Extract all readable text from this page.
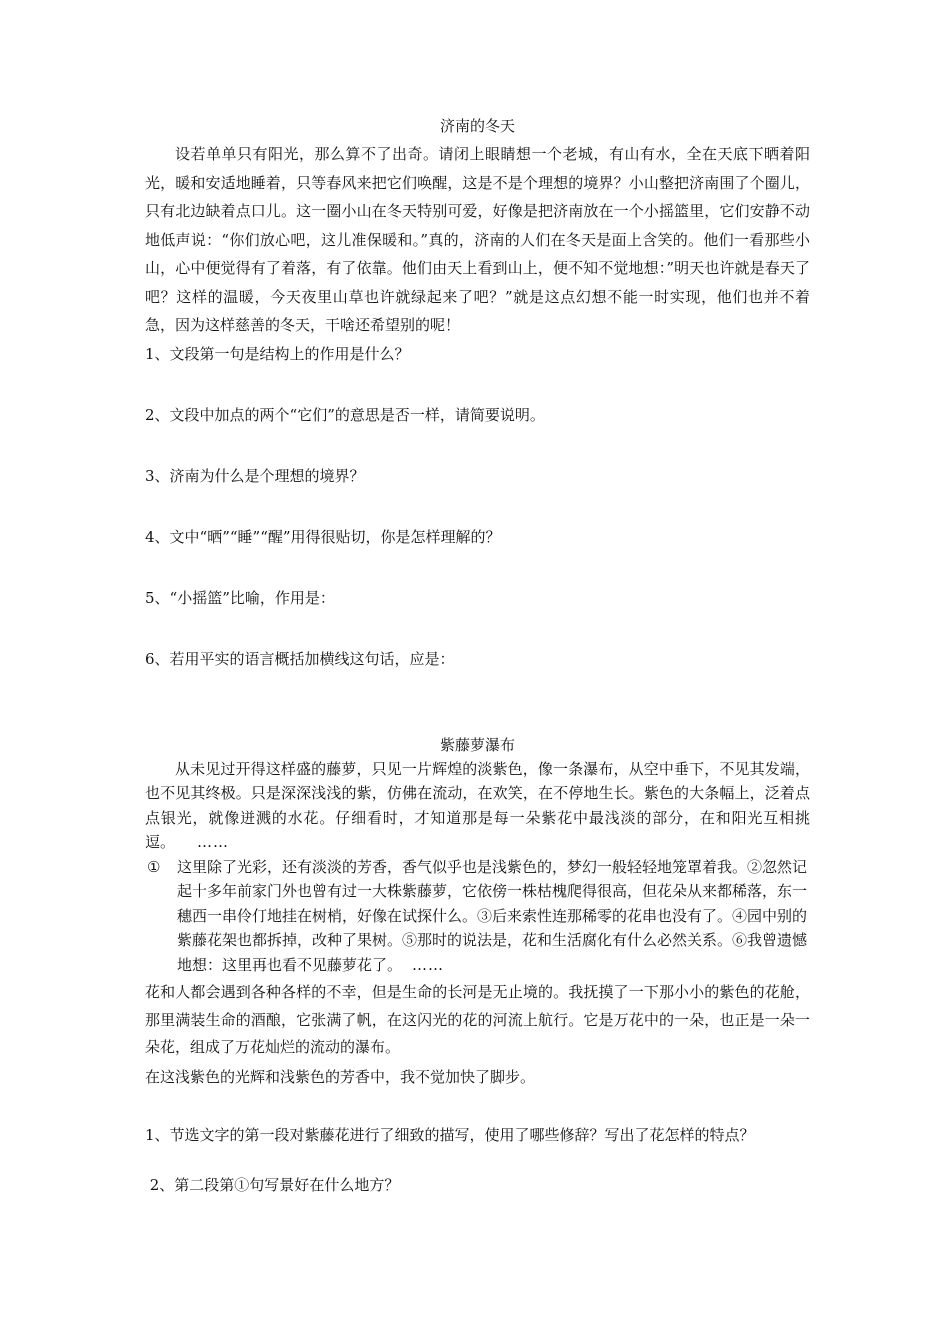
济南的冬天

设若单单只有阳光，那么算不了出奇。请闭上眼睛想一个老城，有山有水，全在天底下晒着阳光，暖和安适地睡着，只等春风来把它们唤醒，这是不是个理想的境界？小山整把济南围了个圈儿，只有北边缺着点口儿。这一圈小山在冬天特别可爱，好像是把济南放在一个小摇篮里，它们安静不动地低声说：“你们放心吧，这儿准保暖和。”真的，济南的人们在冬天是面上含笑的。他们一看那些小山，心中便觉得有了着落，有了依靠。他们由天上看到山上，便不知不觉地想：”明天也许就是春天了吧？这样的温暖，今天夜里山草也许就绿起来了吧？”就是这点幻想不能一时实现，他们也并不着急，因为这样慈善的冬天，干啥还希望别的呢！

1、文段第一句是结构上的作用是什么？

2、文段中加点的两个“它们”的意思是否一样，请简要说明。

3、济南为什么是个理想的境界？

4、文中“晒”“睡”“醒”用得很贴切，你是怎样理解的？

5、“小摇篮”比喻，作用是：

6、若用平实的语言概括加横线这句话，应是：

紫藤萝瀑布

从未见过开得这样盛的藤萝，只见一片辉煌的淡紫色，像一条瀑布，从空中垂下，不见其发端，也不见其终极。只是深深浅浅的紫，仿佛在流动，在欢笑，在不停地生长。紫色的大条幅上，泛着点点银光，就像迸溅的水花。仔细看时，才知道那是每一朵紫花中最浅淡的部分，在和阳光互相挑逗。 ……

① 这里除了光彩，还有淡淡的芳香，香气似乎也是浅紫色的，梦幻一般轻轻地笼罩着我。②忽然记起十多年前家门外也曾有过一大株紫藤萝，它依傍一株枯槐爬得很高，但花朵从来都稀落，东一穗西一串伶仃地挂在树梢，好像在试探什么。③后来索性连那稀零的花串也没有了。④园中别的紫藤花架也都拆掉，改种了果树。⑤那时的说法是，花和生活腐化有什么必然关系。⑥我曾遗憾地想：这里再也看不见藤萝花了。 ……

花和人都会遇到各种各样的不幸，但是生命的长河是无止境的。我抚摸了一下那小小的紫色的花舱，那里满装生命的酒酿，它张满了帆，在这闪光的花的河流上航行。它是万花中的一朵，也正是一朵一朵花，组成了万花灿烂的流动的瀑布。

在这浅紫色的光辉和浅紫色的芳香中，我不觉加快了脚步。

1、节选文字的第一段对紫藤花进行了细致的描写，使用了哪些修辞？写出了花怎样的特点？

2、第二段第①句写景好在什么地方？
